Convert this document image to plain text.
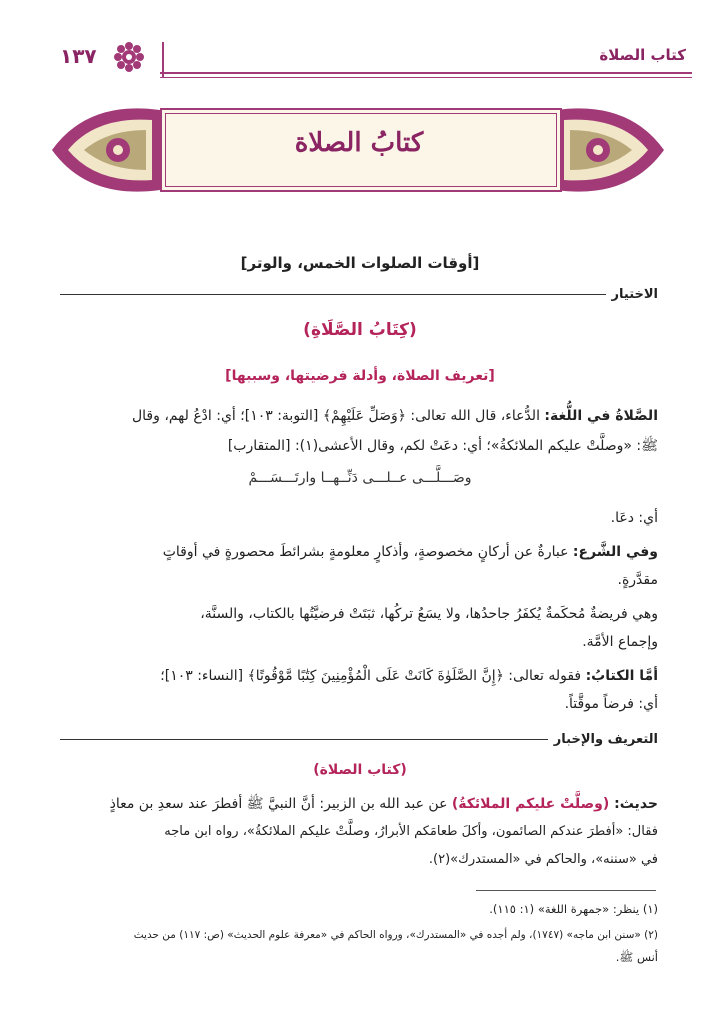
كتاب الصلاة
١٣٧
كتابُ الصلاة
[أوقات الصلوات الخمس، والوتر]
الاختيار
(كِتَابُ الصَّلَاةِ)
[تعريف الصلاة، وأدلة فرضيتها، وسببها]
الصَّلاةُ في اللُّغة: الدُّعاء، قال الله تعالى: ﴿وَصَلِّ عَلَيْهِمْ﴾ [التوبة: ١٠٣]؛ أي: ادْعُ لهم، وقال
ﷺ: «وصلَّتْ عليكم الملائكةُ»؛ أي: دعَتْ لكم، وقال الأعشى(١): [المتقارب]
وصَـــلَّـــى عــلـــى دَنِّــهــا وارتَـــسَـــمْ
أي: دعَا.
وفي الشَّرع: عبارةٌ عن أركانٍ مخصوصةٍ، وأذكارٍ معلومةٍ بشرائطَ محصورةٍ في أوقاتٍ
مقدَّرةٍ.
وهي فريضةٌ مُحكَمةٌ يُكفَرُ جاحدُها، ولا يسَعُ تركُها، ثبَتَتْ فرضيَّتُها بالكتاب، والسنَّة،
وإجماع الأمَّة.
أمَّا الكتابُ: فقوله تعالى: ﴿إِنَّ الصَّلَوٰةَ كَانَتْ عَلَى الْمُؤْمِنِينَ كِتَٰبًا مَّوْقُوتًا﴾ [النساء: ١٠٣]؛
أي: فرضاً موقَّتاً.
التعريف والإخبار
(كتاب الصلاة)
حديث: (وصلَّتْ عليكم الملائكةُ) عن عبد الله بن الزبير: أنَّ النبيَّ ﷺ أفطرَ عند سعدِ بن معاذٍ
فقال: «أفطرَ عندكم الصائمون، وأكلَ طعامَكم الأبرارُ، وصلَّتْ عليكم الملائكةُ»، رواه ابن ماجه
في «سننه»، والحاكم في «المستدرك»(٢).
(١) ينظر: «جمهرة اللغة» (١: ١١٥).
(٢) «سنن ابن ماجه» (١٧٤٧)، ولم أجده في «المستدرك»، ورواه الحاكم في «معرفة علوم الحديث» (ص: ١١٧) من حديث
أنس ﷺ.
